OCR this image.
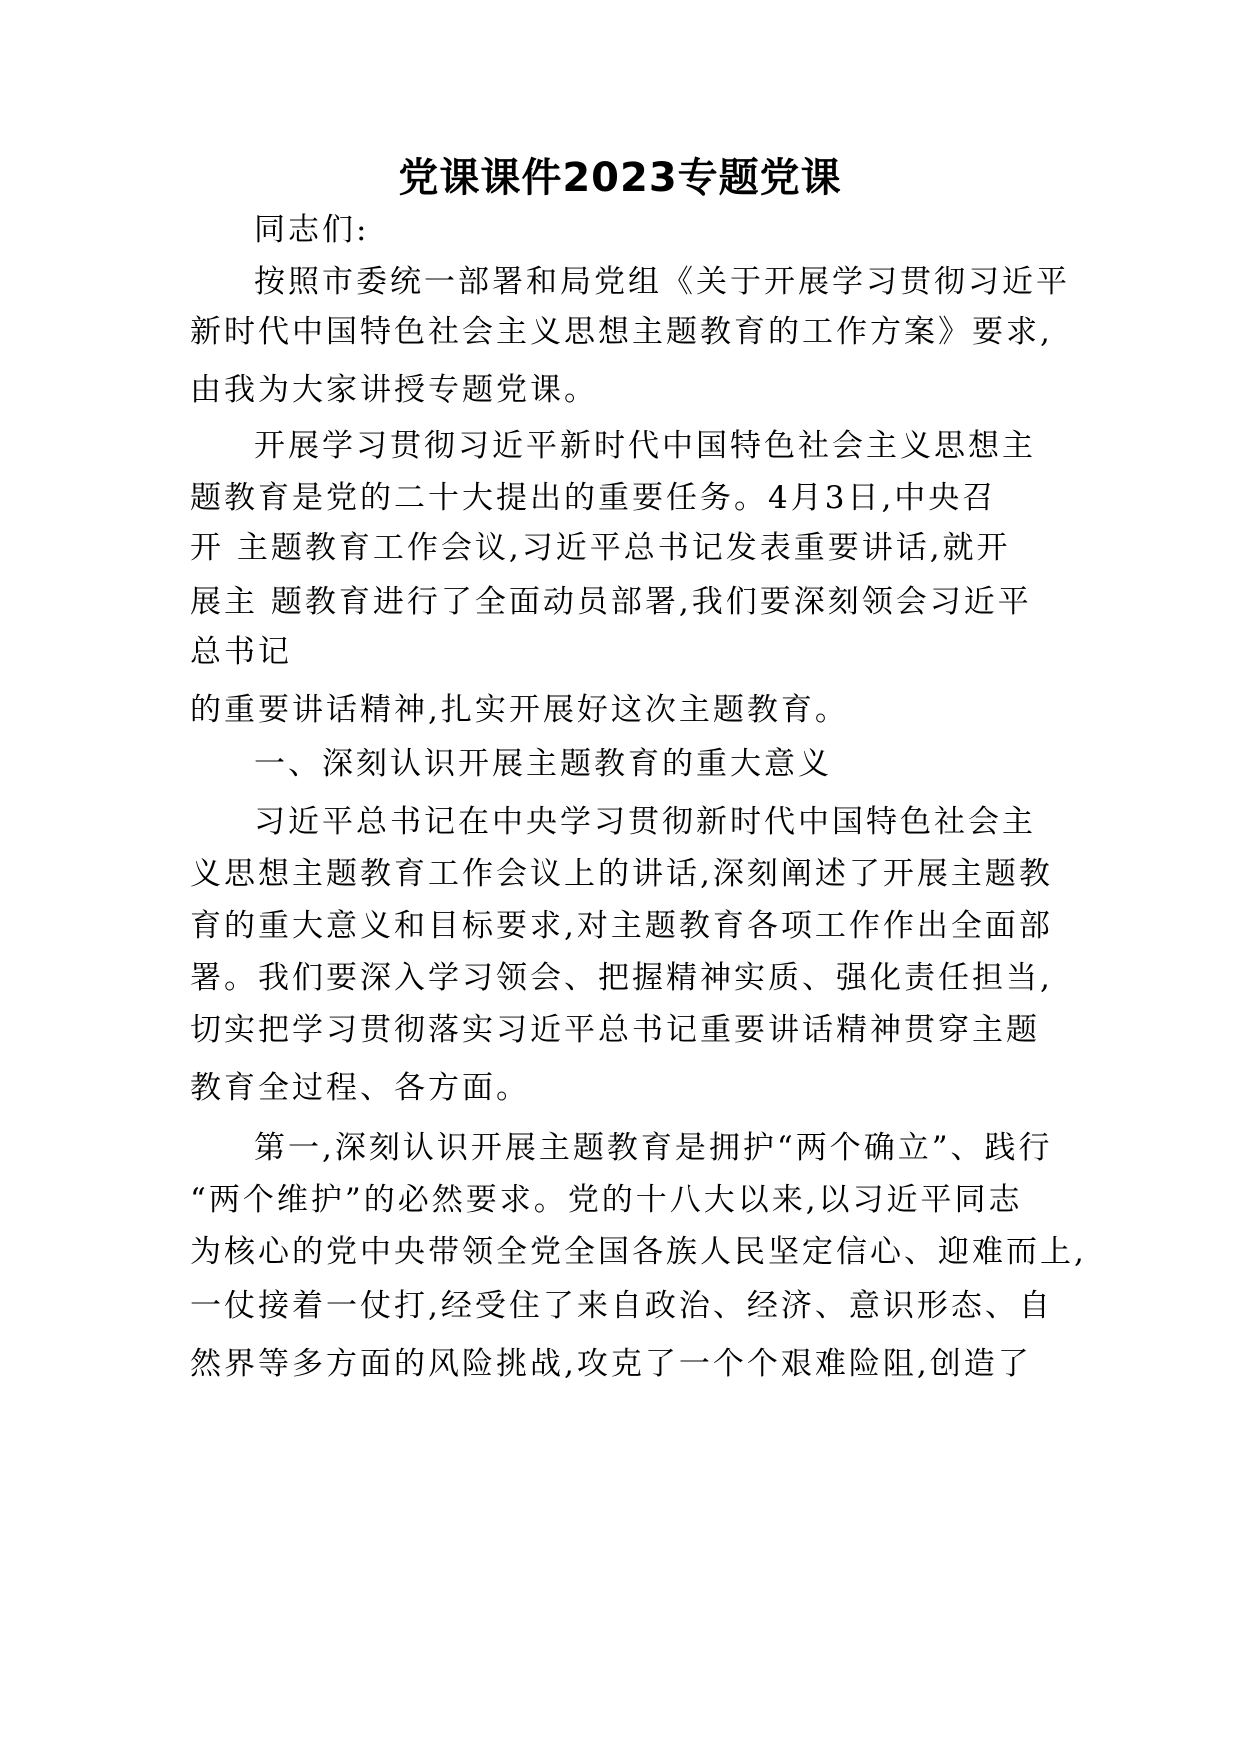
党课课件2023专题党课
同志们:
按照市委统一部署和局党组《关于开展学习贯彻习近平
新时代中国特色社会主义思想主题教育的工作方案》要求,
由我为大家讲授专题党课。
开展学习贯彻习近平新时代中国特色社会主义思想主
题教育是党的二十大提出的重要任务。4月3日,中央召
开 主题教育工作会议,习近平总书记发表重要讲话,就开
展主 题教育进行了全面动员部署,我们要深刻领会习近平
总书记
的重要讲话精神,扎实开展好这次主题教育。
一、深刻认识开展主题教育的重大意义
习近平总书记在中央学习贯彻新时代中国特色社会主
义思想主题教育工作会议上的讲话,深刻阐述了开展主题教
育的重大意义和目标要求,对主题教育各项工作作出全面部
署。我们要深入学习领会、把握精神实质、强化责任担当,
切实把学习贯彻落实习近平总书记重要讲话精神贯穿主题
教育全过程、各方面。
第一,深刻认识开展主题教育是拥护“两个确立”、践行
“两个维护”的必然要求。党的十八大以来,以习近平同志
为核心的党中央带领全党全国各族人民坚定信心、迎难而上,
一仗接着一仗打,经受住了来自政治、经济、意识形态、自
然界等多方面的风险挑战,攻克了一个个艰难险阻,创造了
